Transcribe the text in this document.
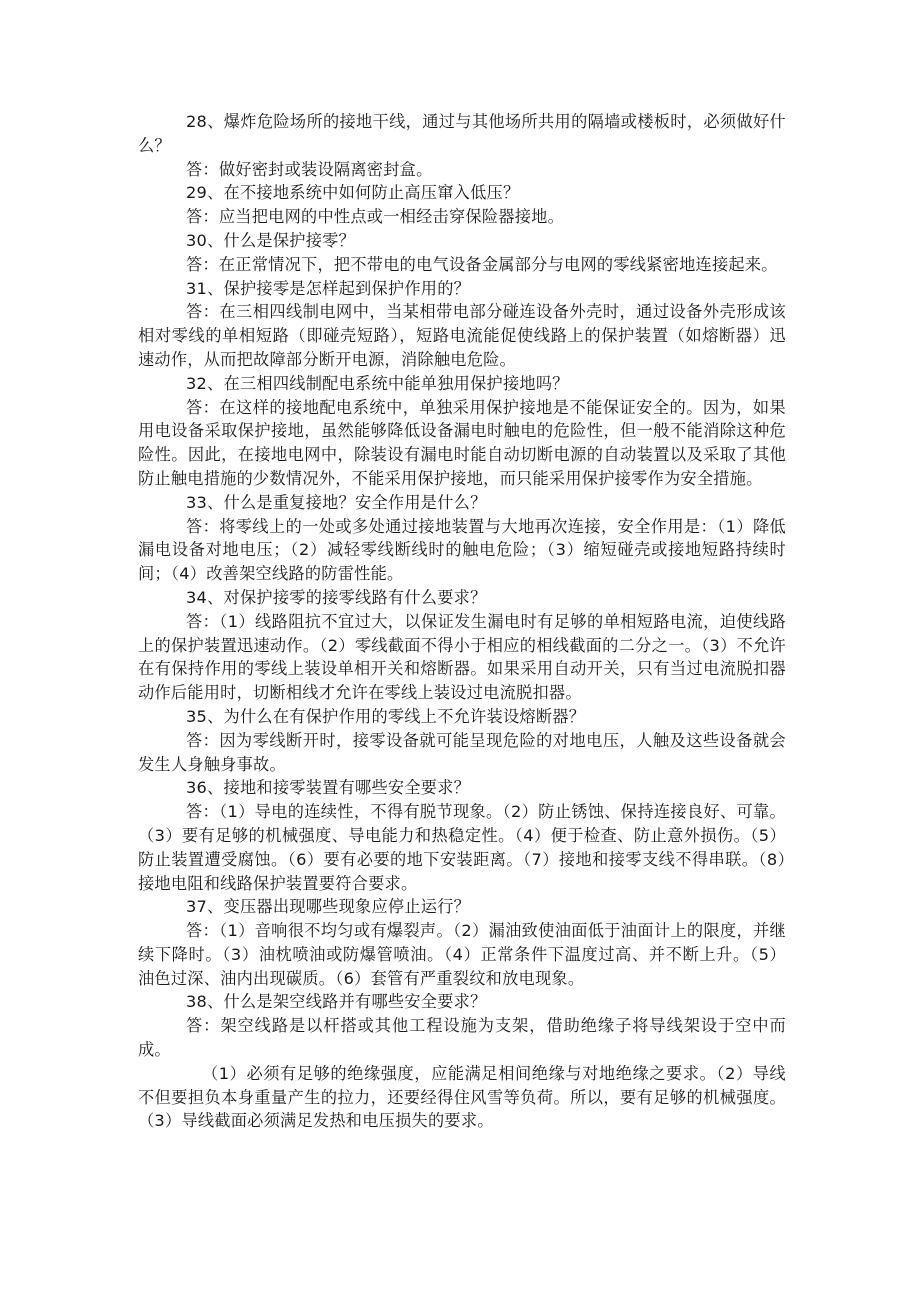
28、爆炸危险场所的接地干线，通过与其他场所共用的隔墙或楼板时，必须做好什么？

答：做好密封或装设隔离密封盒。

29、在不接地系统中如何防止高压窜入低压？

答：应当把电网的中性点或一相经击穿保险器接地。

30、什么是保护接零？

答：在正常情况下，把不带电的电气设备金属部分与电网的零线紧密地连接起来。

31、保护接零是怎样起到保护作用的？

答：在三相四线制电网中，当某相带电部分碰连设备外壳时，通过设备外壳形成该相对零线的单相短路（即碰壳短路），短路电流能促使线路上的保护装置（如熔断器）迅速动作，从而把故障部分断开电源，消除触电危险。

32、在三相四线制配电系统中能单独用保护接地吗？

答：在这样的接地配电系统中，单独采用保护接地是不能保证安全的。因为，如果用电设备采取保护接地，虽然能够降低设备漏电时触电的危险性，但一般不能消除这种危险性。因此，在接地电网中，除装设有漏电时能自动切断电源的自动装置以及采取了其他防止触电措施的少数情况外，不能采用保护接地，而只能采用保护接零作为安全措施。

33、什么是重复接地？安全作用是什么？

答：将零线上的一处或多处通过接地装置与大地再次连接，安全作用是：（1）降低漏电设备对地电压；（2）减轻零线断线时的触电危险；（3）缩短碰壳或接地短路持续时间；（4）改善架空线路的防雷性能。

34、对保护接零的接零线路有什么要求？

答：（1）线路阻抗不宜过大，以保证发生漏电时有足够的单相短路电流，迫使线路上的保护装置迅速动作。（2）零线截面不得小于相应的相线截面的二分之一。（3）不允许在有保持作用的零线上装设单相开关和熔断器。如果采用自动开关，只有当过电流脱扣器动作后能用时，切断相线才允许在零线上装设过电流脱扣器。

35、为什么在有保护作用的零线上不允许装设熔断器？

答：因为零线断开时，接零设备就可能呈现危险的对地电压，人触及这些设备就会发生人身触身事故。

36、接地和接零装置有哪些安全要求？

答：（1）导电的连续性，不得有脱节现象。（2）防止锈蚀、保持连接良好、可靠。（3）要有足够的机械强度、导电能力和热稳定性。（4）便于检查、防止意外损伤。（5）防止装置遭受腐蚀。（6）要有必要的地下安装距离。（7）接地和接零支线不得串联。（8）接地电阻和线路保护装置要符合要求。

37、变压器出现哪些现象应停止运行？

答：（1）音响很不均匀或有爆裂声。（2）漏油致使油面低于油面计上的限度，并继续下降时。（3）油枕喷油或防爆管喷油。（4）正常条件下温度过高、并不断上升。（5）油色过深、油内出现碳质。（6）套管有严重裂纹和放电现象。

38、什么是架空线路并有哪些安全要求？

答：架空线路是以杆搭或其他工程设施为支架，借助绝缘子将导线架设于空中而成。

（1）必须有足够的绝缘强度，应能满足相间绝缘与对地绝缘之要求。（2）导线不但要担负本身重量产生的拉力，还要经得住风雪等负荷。所以，要有足够的机械强度。（3）导线截面必须满足发热和电压损失的要求。
